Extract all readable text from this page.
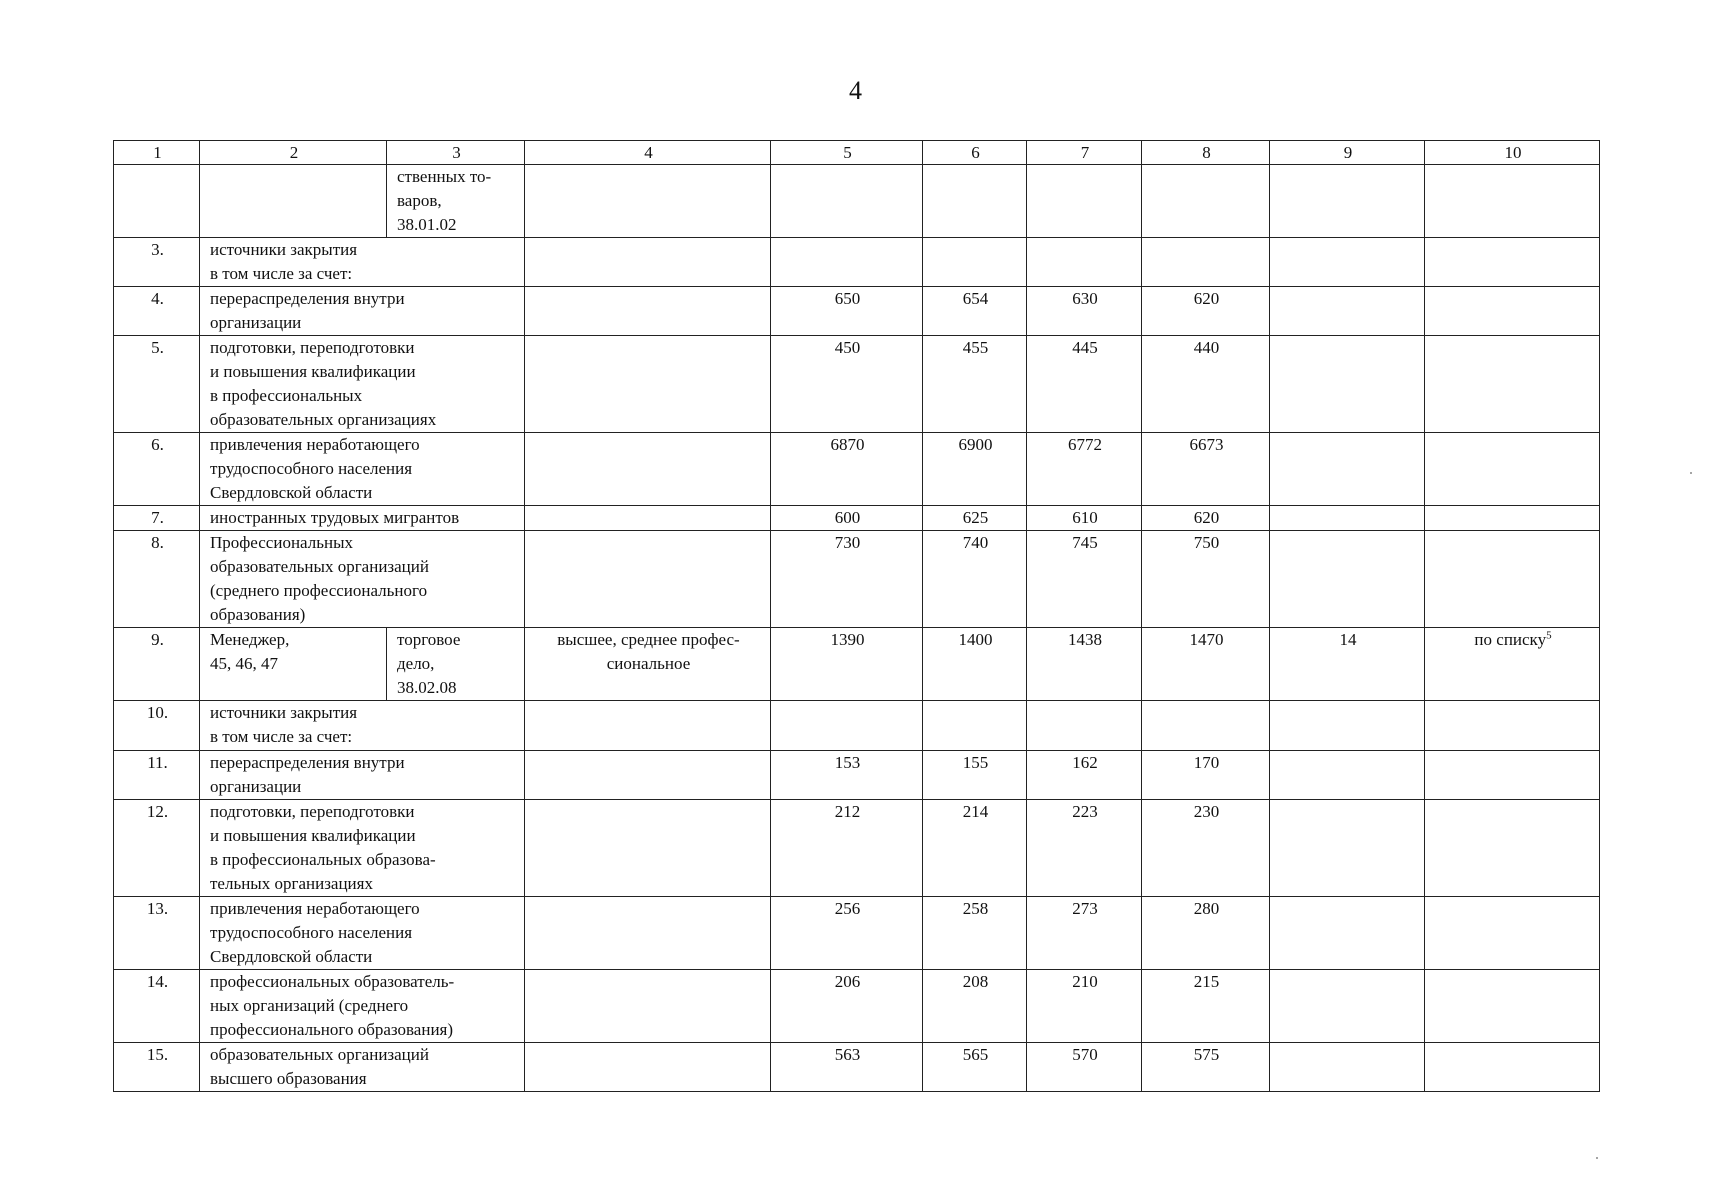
4
1	2	3	4	5	6	7	8	9	10
		ственных то-
варов,
38.01.02							
3.	источники закрытия
в том числе за счет:								
4.	перераспределения внутри
организации			650	654	630	620		
5.	подготовки, переподготовки
и повышения квалификации
в профессиональных
образовательных организациях			450	455	445	440		
6.	привлечения неработающего
трудоспособного населения
Свердловской области			6870	6900	6772	6673		
7.	иностранных трудовых мигрантов			600	625	610	620		
8.	Профессиональных
образовательных организаций
(среднего профессионального
образования)			730	740	745	750		
9.	Менеджер,
45, 46, 47	торговое
дело,
38.02.08	высшее, среднее профес-
сиональное	1390	1400	1438	1470	14	по списку$^5$
10.	источники закрытия
в том числе за счет:								
11.	перераспределения внутри
организации			153	155	162	170		
12.	подготовки, переподготовки
и повышения квалификации
в профессиональных образова-
тельных организациях			212	214	223	230		
13.	привлечения неработающего
трудоспособного населения
Свердловской области			256	258	273	280		
14.	профессиональных образователь-
ных организаций (среднего
профессионального образования)			206	208	210	215		
15.	образовательных организаций
высшего образования			563	565	570	575		
